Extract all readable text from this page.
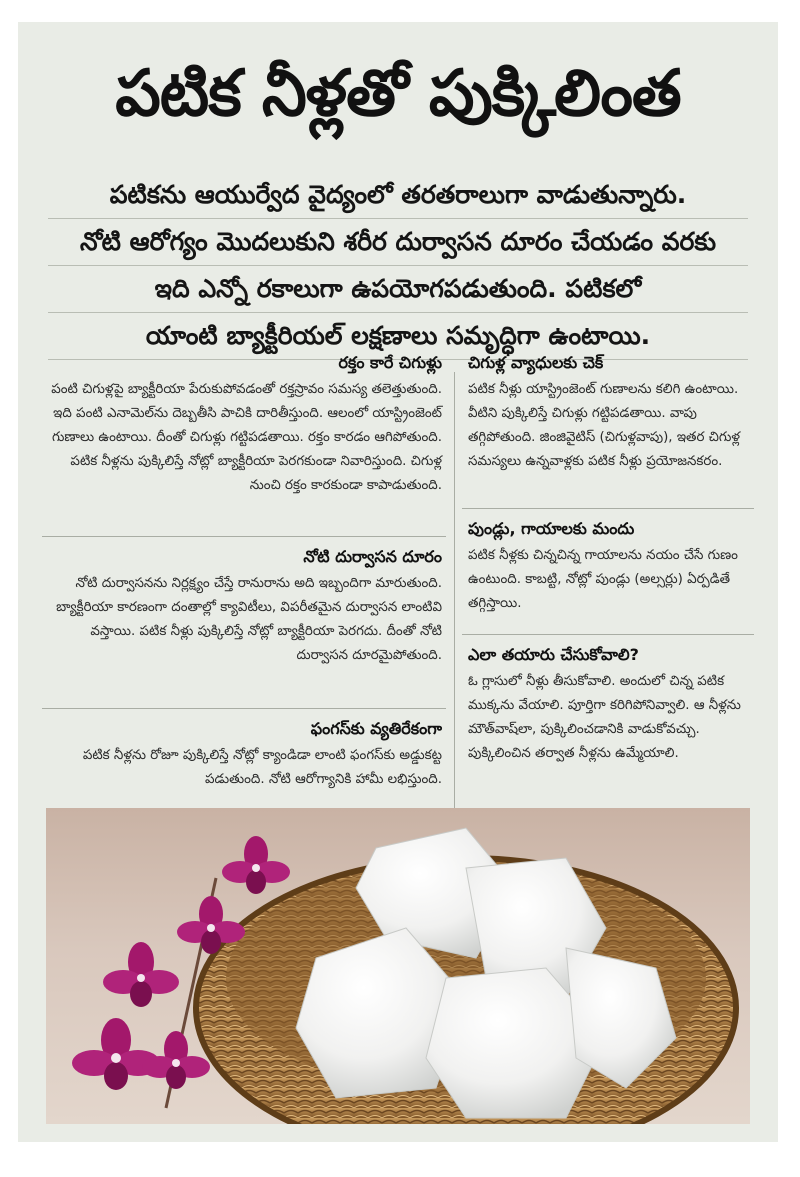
పటిక నీళ్లతో పుక్కిలింత
పటికను ఆయుర్వేద వైద్యంలో తరతరాలుగా వాడుతున్నారు.
నోటి ఆరోగ్యం మొదలుకుని శరీర దుర్వాసన దూరం చేయడం వరకు
ఇది ఎన్నో రకాలుగా ఉపయోగపడుతుంది. పటికలో
యాంటి బ్యాక్టీరియల్ లక్షణాలు సమృద్ధిగా ఉంటాయి.
రక్తం కారే చిగుళ్లు

పంటి చిగుళ్లపై బ్యాక్టీరియా పేరుకుపోవడంతో రక్తస్రావం సమస్య తలెత్తుతుంది. ఇది పంటి ఎనామెల్‌ను దెబ్బతీసి పాచికి దారితీస్తుంది. ఆలంలో యాస్ట్రింజెంట్ గుణాలు ఉంటాయి. దీంతో చిగుళ్లు గట్టిపడతాయి. రక్తం కారడం ఆగిపోతుంది. పటిక నీళ్లను పుక్కిలిస్తే నోట్లో బ్యాక్టీరియా పెరగకుండా నివారిస్తుంది. చిగుళ్ల నుంచి రక్తం కారకుండా కాపాడుతుంది.

నోటి దుర్వాసన దూరం

నోటి దుర్వాసనను నిర్లక్ష్యం చేస్తే రానురాను అది ఇబ్బందిగా మారుతుంది. బ్యాక్టీరియా కారణంగా దంతాల్లో క్యావిటీలు, విపరీతమైన దుర్వాసన లాంటివి వస్తాయి. పటిక నీళ్లు పుక్కిలిస్తే నోట్లో బ్యాక్టీరియా పెరగదు. దీంతో నోటి దుర్వాసన దూరమైపోతుంది.

ఫంగస్‌కు వ్యతిరేకంగా

పటిక నీళ్లను రోజూ పుక్కిలిస్తే నోట్లో క్యాండిడా లాంటి ఫంగస్‌కు అడ్డుకట్ట పడుతుంది. నోటి ఆరోగ్యానికి హామీ లభిస్తుంది.

చిగుళ్ల వ్యాధులకు చెక్

పటిక నీళ్లు యాస్ట్రింజెంట్ గుణాలను కలిగి ఉంటాయి. వీటిని పుక్కిలిస్తే చిగుళ్లు గట్టిపడతాయి. వాపు తగ్గిపోతుంది. జింజివైటిస్ (చిగుళ్లవాపు), ఇతర చిగుళ్ల సమస్యలు ఉన్నవాళ్లకు పటిక నీళ్లు ప్రయోజనకరం.

పుండ్లు, గాయాలకు మందు

పటిక నీళ్లకు చిన్నచిన్న గాయాలను నయం చేసే గుణం ఉంటుంది. కాబట్టి, నోట్లో పుండ్లు (అల్సర్లు) ఏర్పడితే తగ్గిస్తాయి.

ఎలా తయారు చేసుకోవాలి?

ఓ గ్లాసులో నీళ్లు తీసుకోవాలి. అందులో చిన్న పటిక ముక్కను వేయాలి. పూర్తిగా కరిగిపోనివ్వాలి. ఆ నీళ్లను మౌత్‌వాష్‌లా, పుక్కిలించడానికి వాడుకోవచ్చు. పుక్కిలించిన తర్వాత నీళ్లను ఉమ్మేయాలి.
